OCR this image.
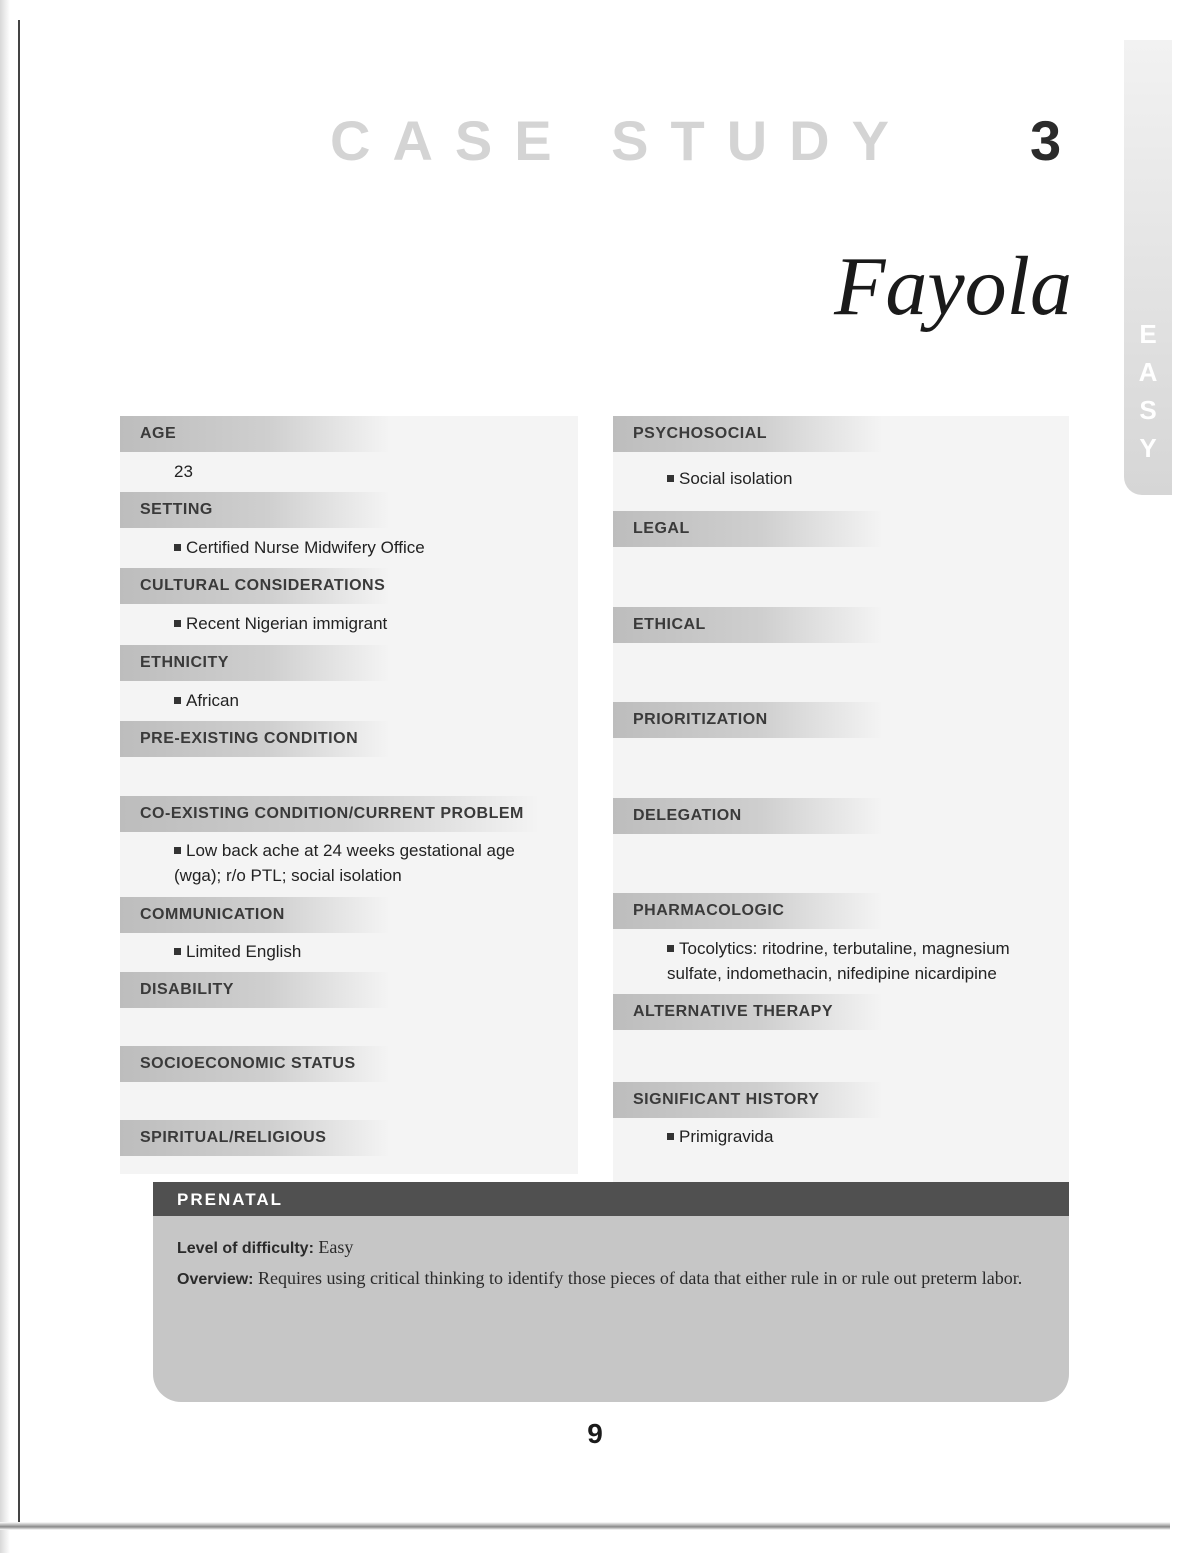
E
A
S
Y
CASE STUDY	3
Fayola
AGE
23
SETTING
Certified Nurse Midwifery Office
CULTURAL CONSIDERATIONS
Recent Nigerian immigrant
ETHNICITY
African
PRE-EXISTING CONDITION
CO-EXISTING CONDITION/CURRENT PROBLEM
Low back ache at 24 weeks gestational age (wga); r/o PTL; social isolation
COMMUNICATION
Limited English
DISABILITY
SOCIOECONOMIC STATUS
SPIRITUAL/RELIGIOUS
PSYCHOSOCIAL
Social isolation
LEGAL
ETHICAL
PRIORITIZATION
DELEGATION
PHARMACOLOGIC
Tocolytics: ritodrine, terbutaline, magnesium sulfate, indomethacin, nifedipine nicardipine
ALTERNATIVE THERAPY
SIGNIFICANT HISTORY
Primigravida
PRENATAL
Level of difficulty: Easy
Overview: Requires using critical thinking to identify those pieces of data that either rule in or rule out preterm labor.
9
